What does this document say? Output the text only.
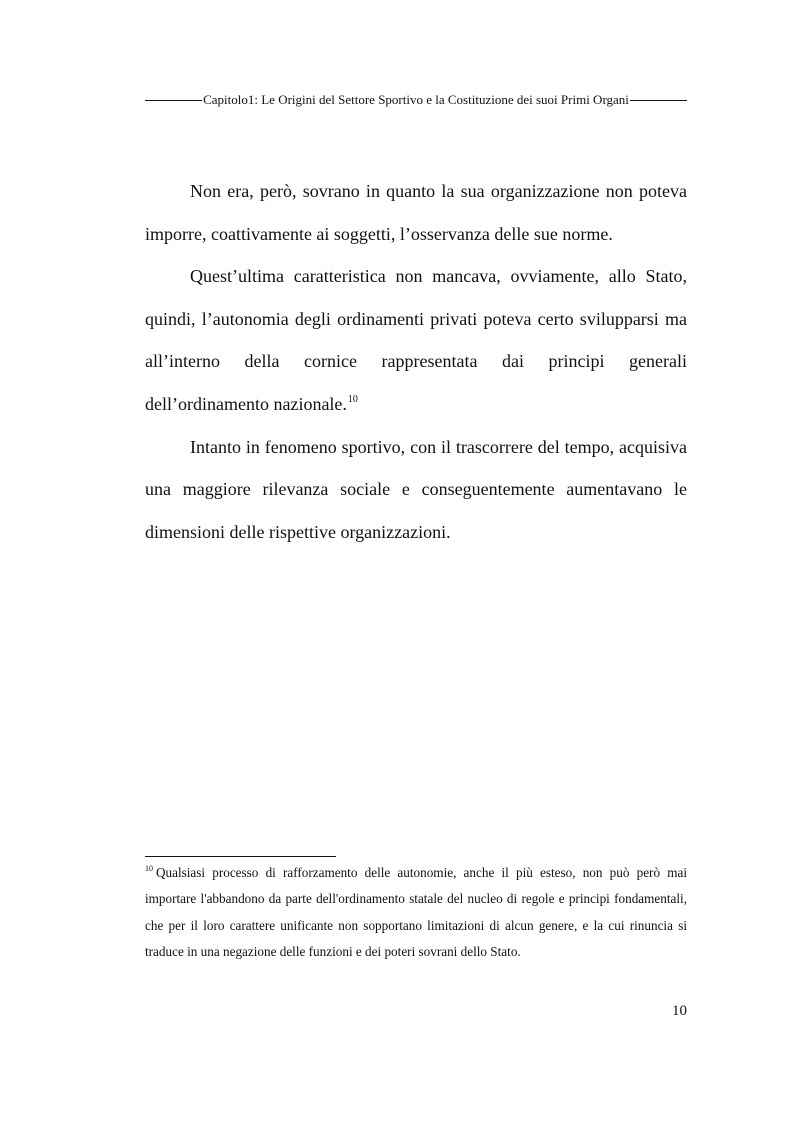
Capitolo1: Le Origini del Settore Sportivo e la Costituzione dei suoi Primi Organi

Non era, però, sovrano in quanto la sua organizzazione non poteva imporre, coattivamente ai soggetti, l’osservanza delle sue norme.

Quest’ultima caratteristica non mancava, ovviamente, allo Stato, quindi, l’autonomia degli ordinamenti privati poteva certo svilupparsi ma all’interno della cornice rappresentata dai principi generali dell’ordinamento nazionale.$^{10}$

Intanto in fenomeno sportivo, con il trascorrere del tempo, acquisiva una maggiore rilevanza sociale e conseguentemente aumentavano le dimensioni delle rispettive organizzazioni.

$^{10}$ Qualsiasi processo di rafforzamento delle autonomie, anche il più esteso, non può però mai importare l'abbandono da parte dell'ordinamento statale del nucleo di regole e principi fondamentali, che per il loro carattere unificante non sopportano limitazioni di alcun genere, e la cui rinuncia si traduce in una negazione delle funzioni e dei poteri sovrani dello Stato.
10
